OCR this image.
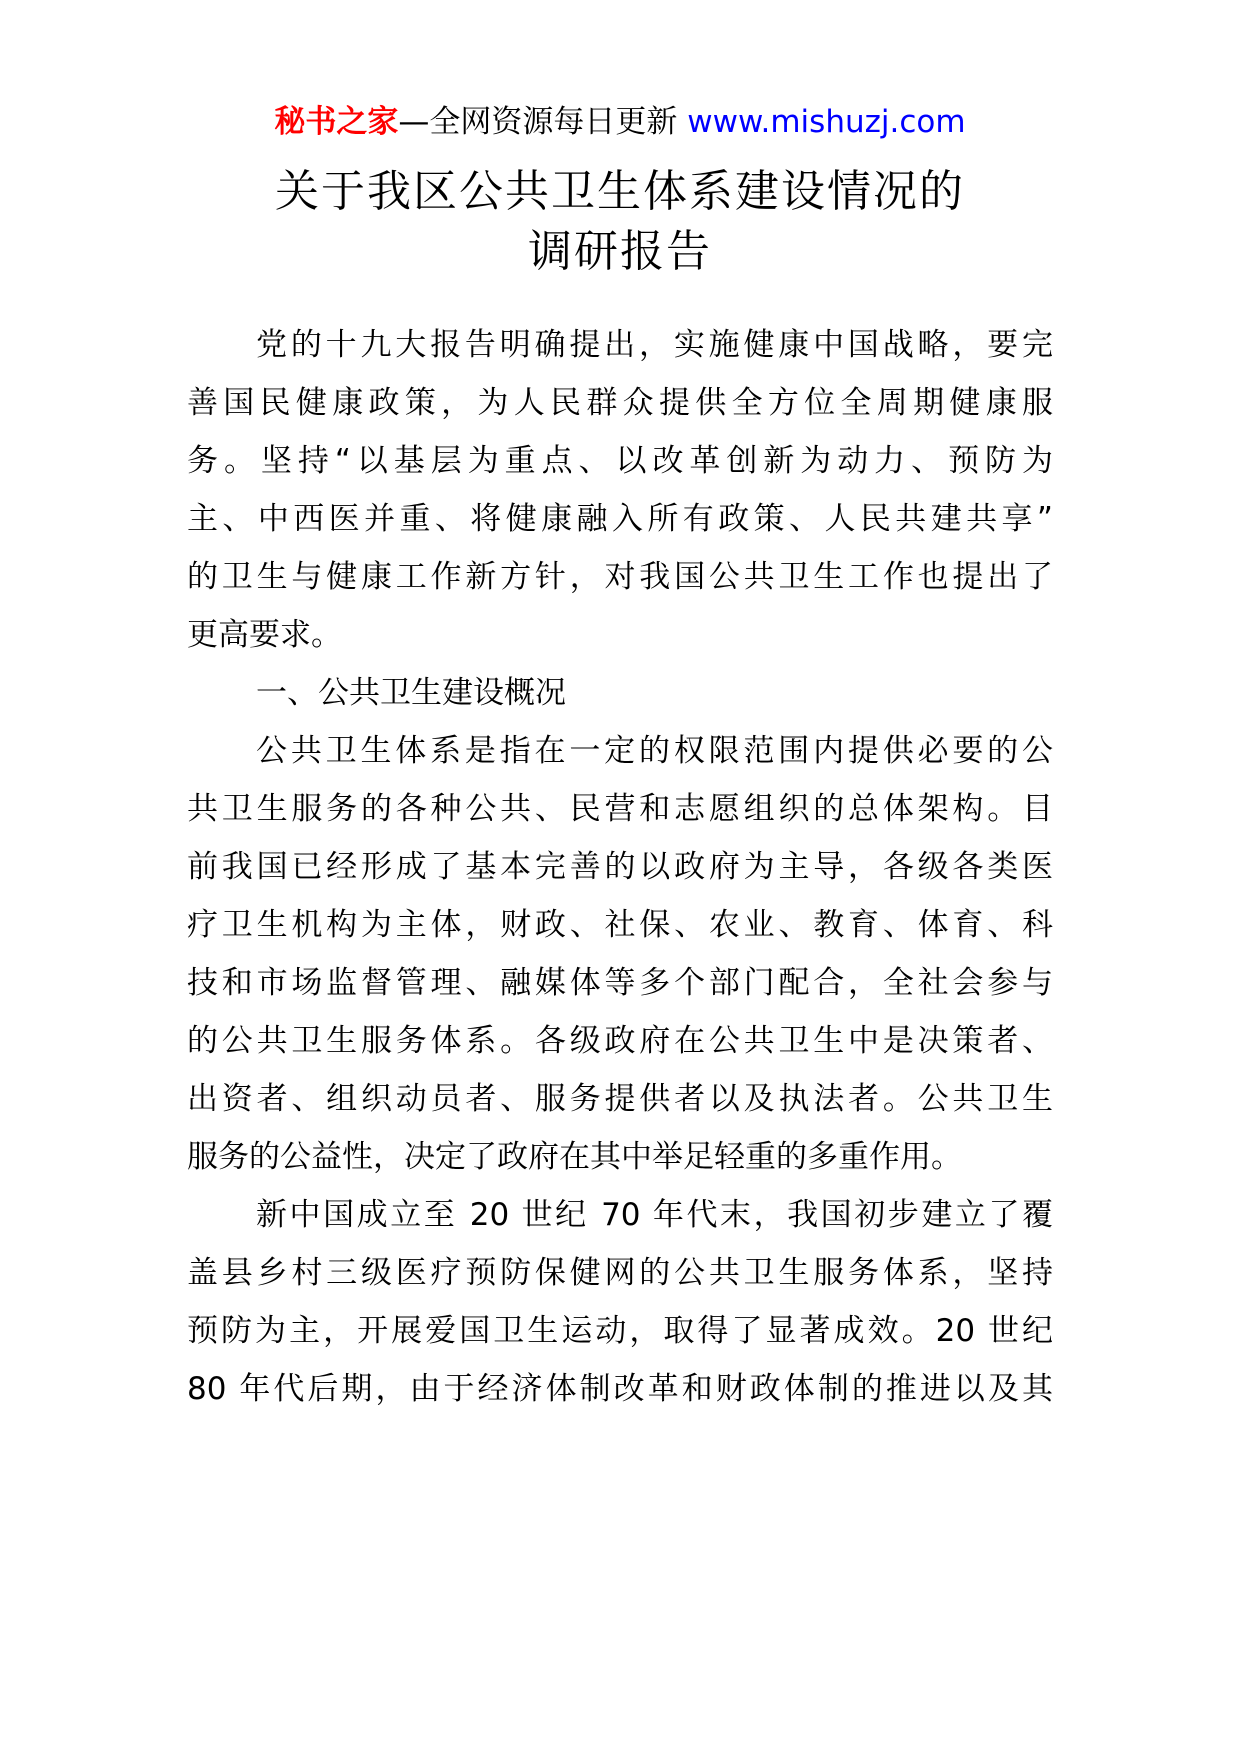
秘书之家—全网资源每日更新 www.mishuzj.com
关于我区公共卫生体系建设情况的
调研报告
党的十九大报告明确提出，实施健康中国战略，要完
善国民健康政策，为人民群众提供全方位全周期健康服
务。坚持“以基层为重点、以改革创新为动力、预防为
主、中西医并重、将健康融入所有政策、人民共建共享”
的卫生与健康工作新方针，对我国公共卫生工作也提出了
更高要求。
一、公共卫生建设概况
公共卫生体系是指在一定的权限范围内提供必要的公
共卫生服务的各种公共、民营和志愿组织的总体架构。目
前我国已经形成了基本完善的以政府为主导，各级各类医
疗卫生机构为主体，财政、社保、农业、教育、体育、科
技和市场监督管理、融媒体等多个部门配合，全社会参与
的公共卫生服务体系。各级政府在公共卫生中是决策者、
出资者、组织动员者、服务提供者以及执法者。公共卫生
服务的公益性，决定了政府在其中举足轻重的多重作用。
新中国成立至 20 世纪 70 年代末，我国初步建立了覆
盖县乡村三级医疗预防保健网的公共卫生服务体系，坚持
预防为主，开展爱国卫生运动，取得了显著成效。20 世纪
80 年代后期，由于经济体制改革和财政体制的推进以及其
